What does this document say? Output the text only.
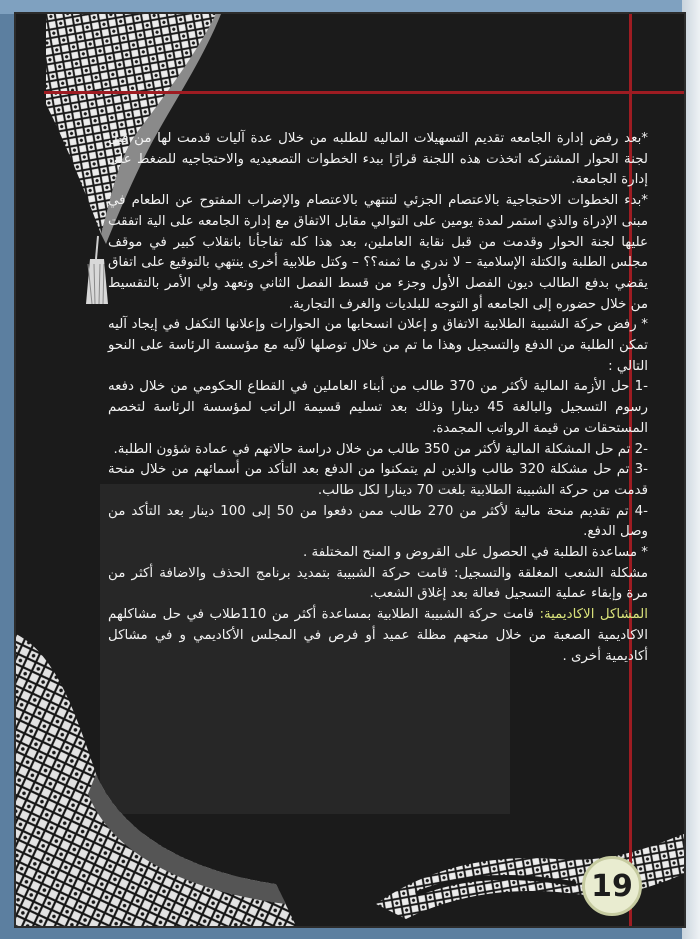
*بعد رفض إدارة الجامعه تقديم التسهيلات الماليه للطلبه من خلال عدة آليات قدمت لها من قبل لجنة الحوار المشتركه اتخذت هذه اللجنة قرارًا ببدء الخطوات التصعيديه والاحتجاجيه للضغط على إدارة الجامعة.

*بدء الخطوات الاحتجاجية بالاعتصام الجزئي لتنتهي بالاعتصام والإضراب المفتوح عن الطعام في مبنى الإدراة والذي استمر لمدة يومين على التوالي مقابل الاتفاق مع إدارة الجامعه على الية اتفقت عليها لجنة الحوار وقدمت من قبل نقابة العاملين، بعد هذا كله تفاجأنا بانقلاب كبير في موقف مجلس الطلبة والكتلة الإسلامية – لا ندري ما ثمنه؟؟ – وكتل طلابية أخرى ينتهي بالتوقيع على اتفاق يقضي بدفع الطالب ديون الفصل الأول وجزء من قسط الفصل الثاني وتعهد ولي الأمر بالتقسيط من خلال حضوره إلى الجامعه أو التوجه للبلديات والغرف التجارية.

* رفض حركة الشبيبة الطلابية الاتفاق و إعلان انسحابها من الحوارات وإعلانها التكفل في إيجاد آليه تمكن الطلبة من الدفع والتسجيل وهذا ما تم من خلال توصلها لآليه مع مؤسسة الرئاسة على النحو التالي :

-1 حل الأزمة المالية لأكثر من 370 طالب من أبناء العاملين في القطاع الحكومي من خلال دفعه رسوم التسجيل والبالغة 45 دينارا وذلك بعد تسليم قسيمة الراتب لمؤسسة الرئاسة لتخصم المستحقات من قيمة الرواتب المجمدة.

-2 تم حل المشكلة المالية لأكثر من 350 طالب من خلال دراسة حالاتهم في عمادة شؤون الطلبة.

-3 تم حل مشكلة 320 طالب والذين لم يتمكنوا من الدفع بعد التأكد من أسمائهم من خلال منحة قدمت من حركة الشبيبة الطلابية بلغت 70 دينارا لكل طالب.

-4 تم تقديم منحة مالية لأكثر من 270 طالب ممن دفعوا من 50 إلى 100 دينار بعد التأكد من وصل الدفع.

* مساعدة الطلبة في الحصول على القروض و المنح المختلفة .

مشكلة الشعب المغلقة والتسجيل: قامت حركة الشبيبة بتمديد برنامج الحذف والاضافة أكثر من مرة وإبقاء عملية التسجيل فعالة بعد إغلاق الشعب.

المشاكل الاكاديمية: قامت حركة الشبيبة الطلابية بمساعدة أكثر من 110طلاب في حل مشاكلهم الاكاديمية الصعبة من خلال منحهم مظلة عميد أو فرص في المجلس الأكاديمي و في مشاكل أكاديمية أخرى .

19
